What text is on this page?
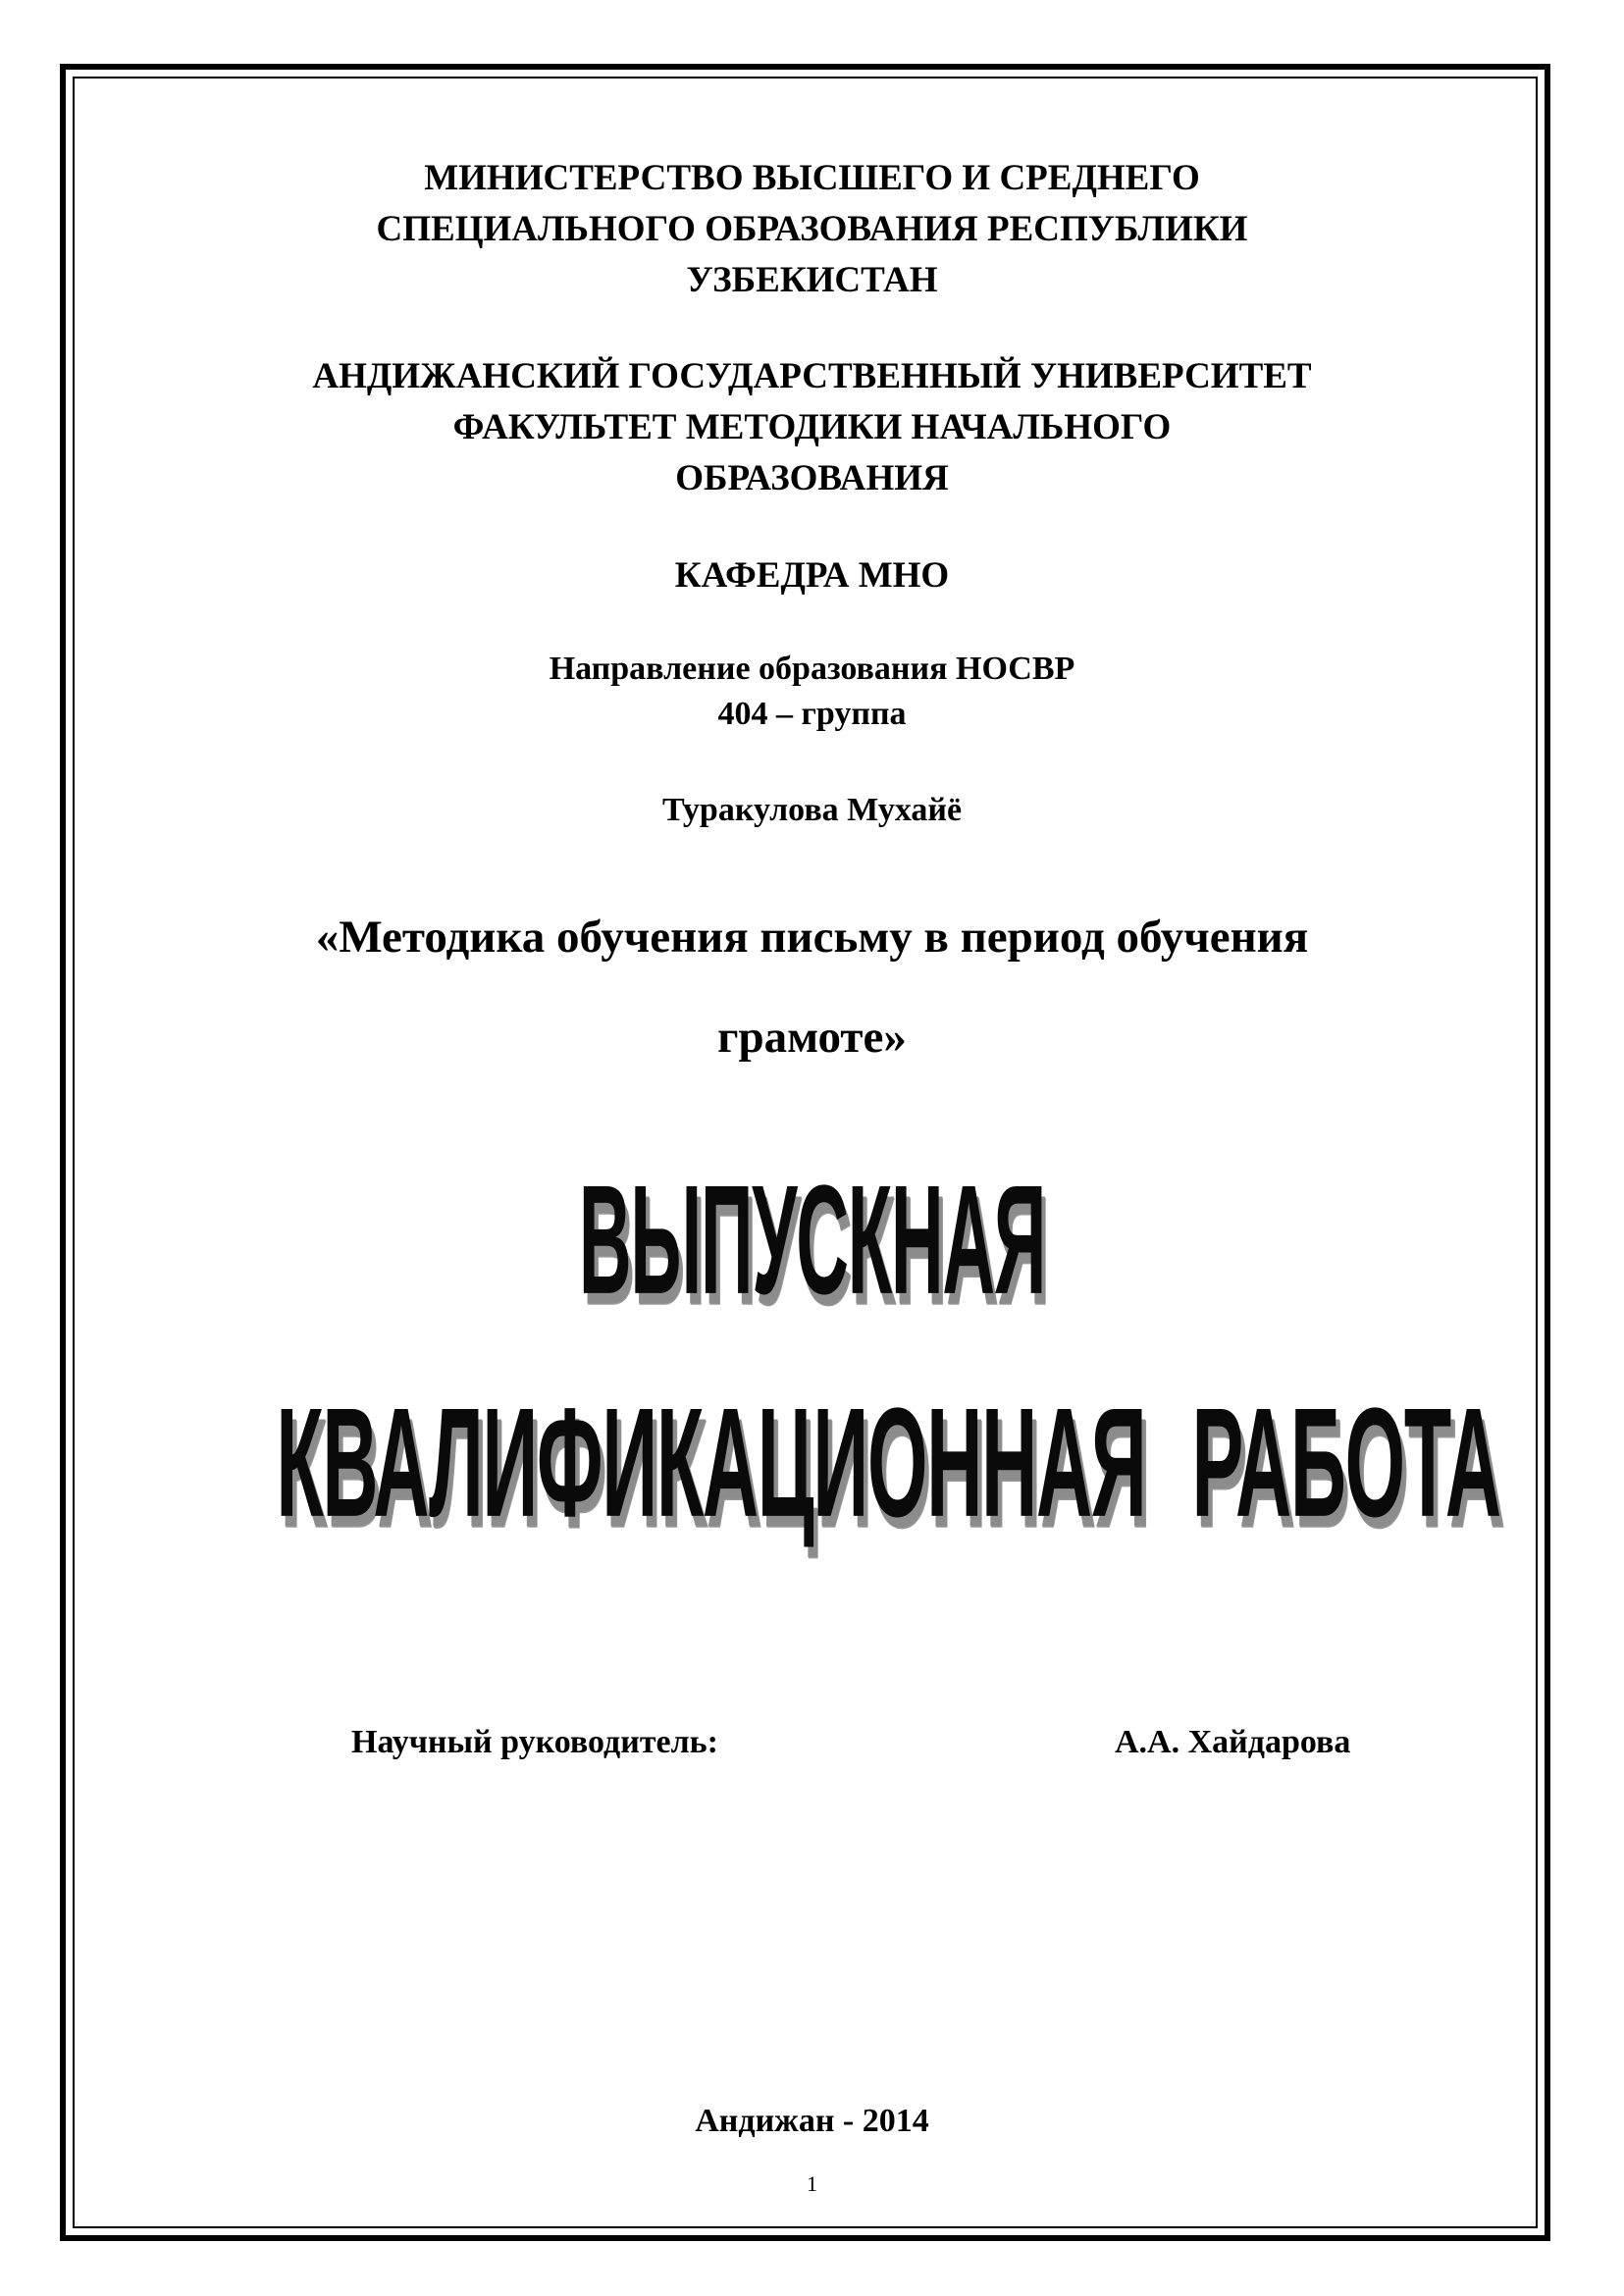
МИНИСТЕРСТВО ВЫСШЕГО И СРЕДНЕГО
СПЕЦИАЛЬНОГО ОБРАЗОВАНИЯ РЕСПУБЛИКИ
УЗБЕКИСТАН
АНДИЖАНСКИЙ ГОСУДАРСТВЕННЫЙ УНИВЕРСИТЕТ
ФАКУЛЬТЕТ МЕТОДИКИ НАЧАЛЬНОГО
ОБРАЗОВАНИЯ
КАФЕДРА МНО
Направление образования НОСВР
404 – группа
Туракулова Мухайё
«Методика обучения письму в период обучения
грамоте»
ВЫПУСКНАЯ
КВАЛИФИКАЦИОННАЯ РАБОТА
Научный руководитель:	А.А. Хайдарова
Андижан - 2014
1
